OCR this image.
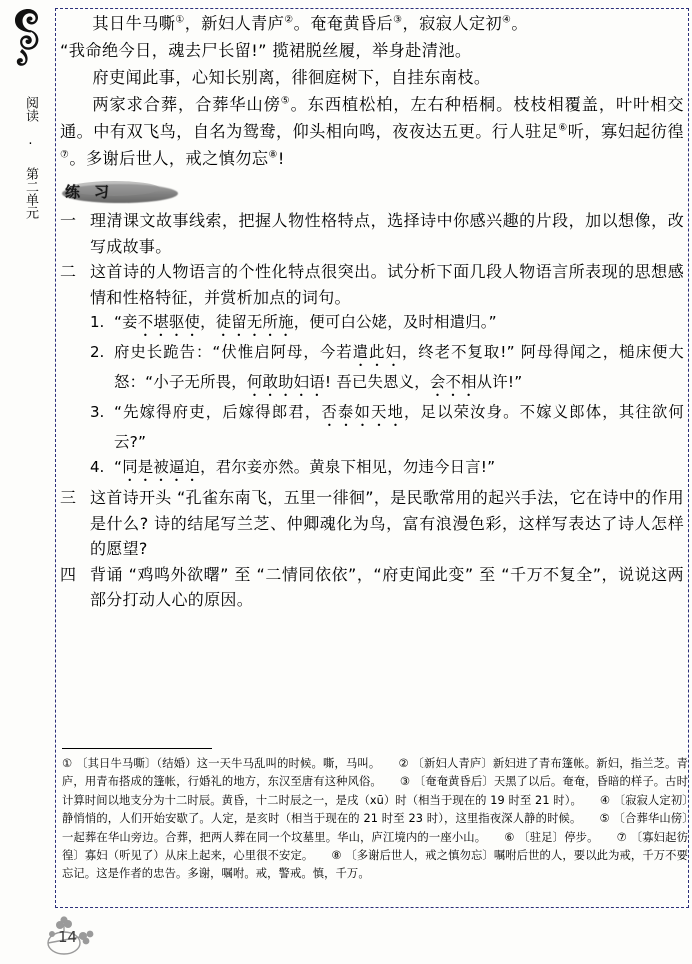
阅读 · 第二单元
其日牛马嘶①，新妇人青庐②。奄奄黄昏后③，寂寂人定初④。
“我命绝今日，魂去尸长留!” 揽裙脱丝履，举身赴清池。
府吏闻此事，心知长别离，徘徊庭树下，自挂东南枝。
两家求合葬，合葬华山傍⑤。东西植松柏，左右种梧桐。枝枝相覆盖，叶叶相交通。中有双飞鸟，自名为鸳鸯，仰头相向鸣，夜夜达五更。行人驻足⑥听，寡妇起彷徨⑦。多谢后世人，戒之慎勿忘⑧!
练习
一 理清课文故事线索，把握人物性格特点，选择诗中你感兴趣的片段，加以想像，改写成故事。
二 这首诗的人物语言的个性化特点很突出。试分析下面几段人物语言所表现的思想感情和性格特征，并赏析加点的词句。
1. “妾不堪驱使，徒留无所施，便可白公姥，及时相遣归。”
2. 府史长跪告：“伏惟启阿母，今若遣此妇，终老不复取!” 阿母得闻之，槌床便大怒：“小子无所畏，何敢助妇语! 吾已失恩义，会不相从许!”
3. “先嫁得府吏，后嫁得郎君，否泰如天地，足以荣汝身。不嫁义郎体，其往欲何云?”
4. “同是被逼迫，君尔妾亦然。黄泉下相见，勿违今日言!”
三 这首诗开头 “孔雀东南飞，五里一徘徊”，是民歌常用的起兴手法，它在诗中的作用是什么? 诗的结尾写兰芝、仲卿魂化为鸟，富有浪漫色彩，这样写表达了诗人怎样的愿望?
四 背诵 “鸡鸣外欲曙” 至 “二情同依依”，“府吏闻此变” 至 “千万不复全”，说说这两部分打动人心的原因。
① 〔其日牛马嘶〕（结婚）这一天牛马乱叫的时候。嘶，马叫。 ② 〔新妇人青庐〕新妇进了青布篷帐。新妇，指兰芝。青庐，用青布搭成的篷帐，行婚礼的地方，东汉至唐有这种风俗。 ③ 〔奄奄黄昏后〕天黑了以后。奄奄，昏暗的样子。古时计算时间以地支分为十二时辰。黄昏，十二时辰之一，是戌（xū）时（相当于现在的 19 时至 21 时）。 ④ 〔寂寂人定初〕静悄悄的，人们开始安歇了。人定，是亥时（相当于现在的 21 时至 23 时），这里指夜深人静的时候。 ⑤ 〔合葬华山傍〕一起葬在华山旁边。合葬，把两人葬在同一个坟墓里。华山，庐江境内的一座小山。 ⑥ 〔驻足〕停步。 ⑦ 〔寡妇起彷徨〕寡妇（听见了）从床上起来，心里很不安定。 ⑧ 〔多谢后世人，戒之慎勿忘〕嘱咐后世的人，要以此为戒，千万不要忘记。这是作者的忠告。多谢，嘱咐。戒，警戒。慎，千万。
14
